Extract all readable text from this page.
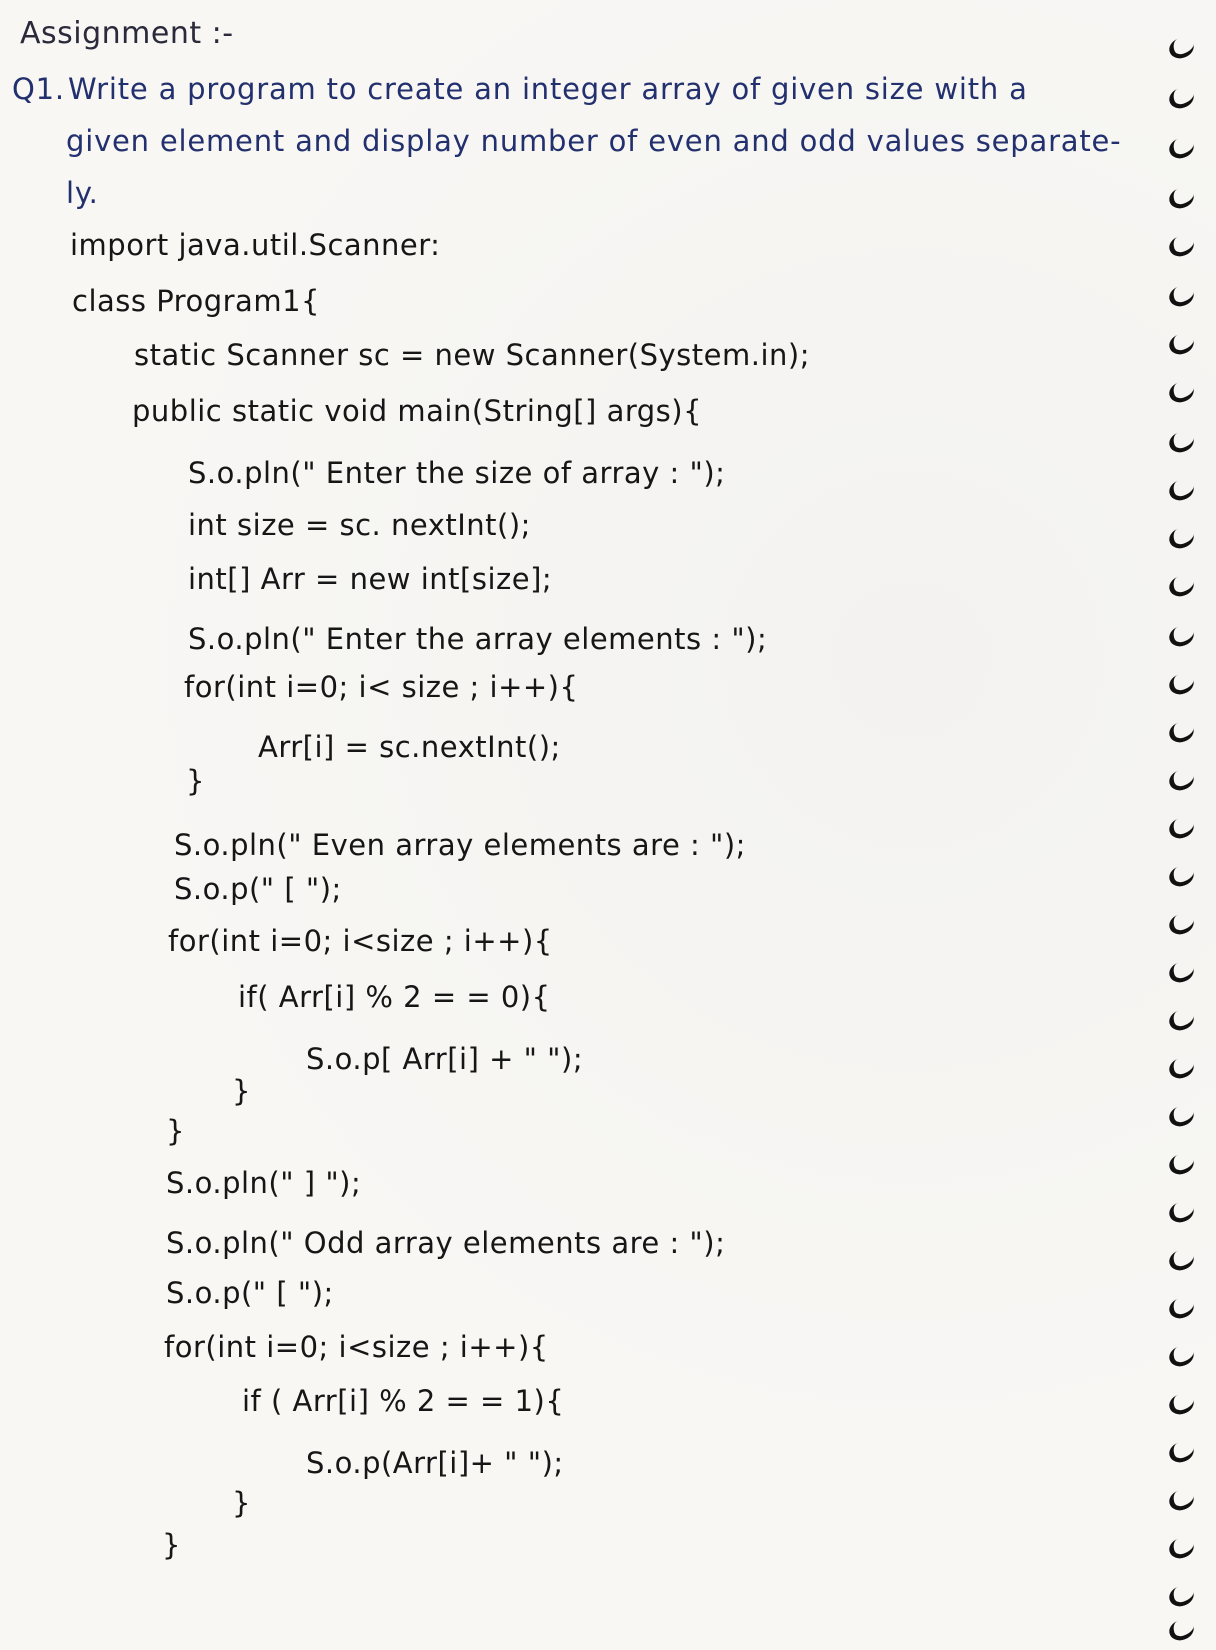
Assignment :-
Q1. Write a program to create an integer array of given size with a
given element and display number of even and odd values separate-
ly.
import java.util.Scanner:
class Program1{
static Scanner sc = new Scanner(System.in);
public static void main(String[] args){
S.o.pln(" Enter the size of array : ");
int size = sc. nextInt();
int[] Arr = new int[size];
S.o.pln(" Enter the array elements : ");
for(int i=0; i< size ; i++){
Arr[i] = sc.nextInt();
}
S.o.pln(" Even array elements are : ");
S.o.p(" [ ");
for(int i=0; i<size ; i++){
if( Arr[i] % 2 = = 0){
S.o.p[ Arr[i] + " ");
}
}
S.o.pln(" ] ");
S.o.pln(" Odd array elements are : ");
S.o.p(" [ ");
for(int i=0; i<size ; i++){
if ( Arr[i] % 2 = = 1){
S.o.p(Arr[i]+ " ");
}
}
